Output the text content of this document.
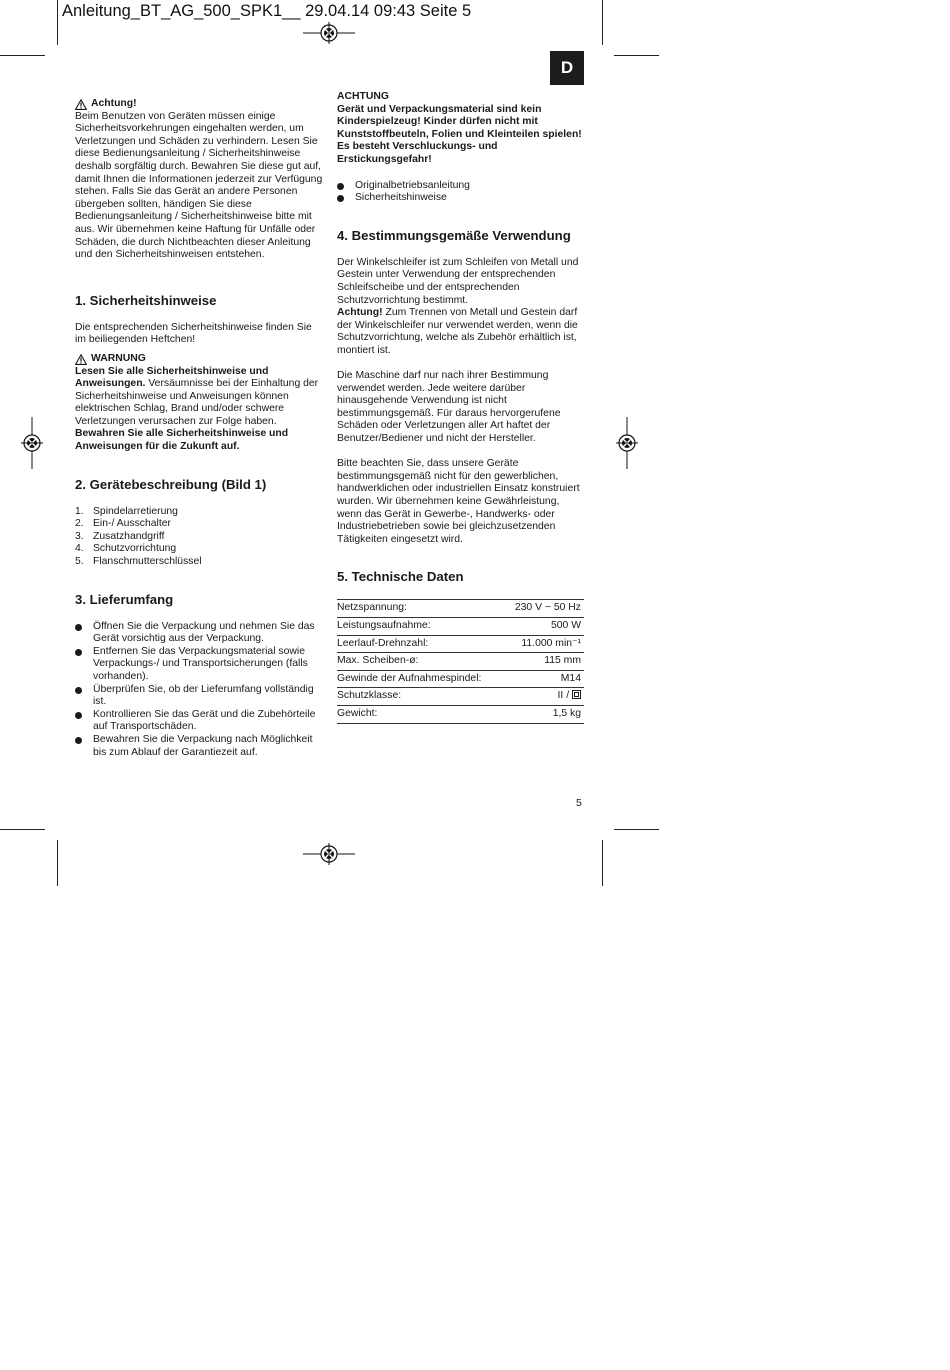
Anleitung_BT_AG_500_SPK1__ 29.04.14 09:43 Seite 5
D
Achtung!

Beim Benutzen von Geräten müssen einige Sicherheitsvorkehrungen eingehalten werden, um Verletzungen und Schäden zu verhindern. Lesen Sie diese Bedienungsanleitung / Sicherheitshinweise deshalb sorgfältig durch. Bewahren Sie diese gut auf, damit Ihnen die Informationen jederzeit zur Verfügung stehen. Falls Sie das Gerät an andere Personen übergeben sollten, händigen Sie diese Bedienungsanleitung / Sicherheitshinweise bitte mit aus. Wir übernehmen keine Haftung für Unfälle oder Schäden, die durch Nichtbeachten dieser Anleitung und den Sicherheitshinweisen entstehen.

1. Sicherheitshinweise

Die entsprechenden Sicherheitshinweise finden Sie im beiliegenden Heftchen!

WARNUNG

Lesen Sie alle Sicherheitshinweise und Anweisungen. Versäumnisse bei der Einhaltung der Sicherheitshinweise und Anweisungen können elektrischen Schlag, Brand und/oder schwere Verletzungen verursachen zur Folge haben.

Bewahren Sie alle Sicherheitshinweise und Anweisungen für die Zukunft auf.

2. Gerätebeschreibung (Bild 1)
1. Spindelarretierung
2. Ein-/ Ausschalter
3. Zusatzhandgriff
4. Schutzvorrichtung
5. Flanschmutterschlüssel
3. Lieferumfang
Öffnen Sie die Verpackung und nehmen Sie das Gerät vorsichtig aus der Verpackung.
Entfernen Sie das Verpackungsmaterial sowie Verpackungs-/ und Transportsicherungen (falls vorhanden).
Überprüfen Sie, ob der Lieferumfang vollständig ist.
Kontrollieren Sie das Gerät und die Zubehörteile auf Transportschäden.
Bewahren Sie die Verpackung nach Möglichkeit bis zum Ablauf der Garantiezeit auf.

ACHTUNG

Gerät und Verpackungsmaterial sind kein Kinderspielzeug! Kinder dürfen nicht mit Kunststoffbeuteln, Folien und Kleinteilen spielen! Es besteht Verschluckungs- und Erstickungsgefahr!

Originalbetriebsanleitung
Sicherheitshinweise
4. Bestimmungsgemäße Verwendung

Der Winkelschleifer ist zum Schleifen von Metall und Gestein unter Verwendung der entsprechenden Schleifscheibe und der entsprechenden Schutzvorrichtung bestimmt.

Achtung! Zum Trennen von Metall und Gestein darf der Winkelschleifer nur verwendet werden, wenn die Schutzvorrichtung, welche als Zubehör erhältlich ist, montiert ist.

Die Maschine darf nur nach ihrer Bestimmung verwendet werden. Jede weitere darüber hinausgehende Verwendung ist nicht bestimmungsgemäß. Für daraus hervorgerufene Schäden oder Verletzungen aller Art haftet der Benutzer/Bediener und nicht der Hersteller.

Bitte beachten Sie, dass unsere Geräte bestimmungsgemäß nicht für den gewerblichen, handwerklichen oder industriellen Einsatz konstruiert wurden. Wir übernehmen keine Gewährleistung, wenn das Gerät in Gewerbe-, Handwerks- oder Industriebetrieben sowie bei gleichzusetzenden Tätigkeiten eingesetzt wird.

5. Technische Daten
Netzspannung:	230 V ~ 50 Hz
Leistungsaufnahme:	500 W
Leerlauf-Drehnzahl:	11.000 min⁻¹
Max. Scheiben-ø:	115 mm
Gewinde der Aufnahmespindel:	M14
Schutzklasse:	II /
Gewicht:	1,5 kg
5
